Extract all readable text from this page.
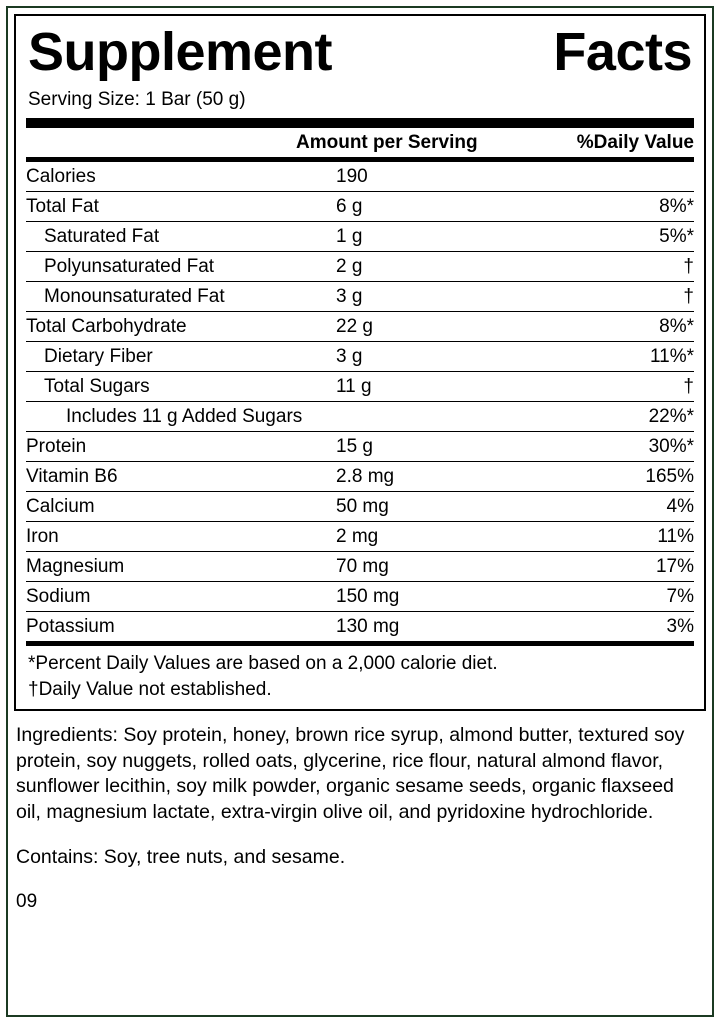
Supplement	Facts
Serving Size: 1 Bar (50 g)
	Amount per Serving	%Daily Value
Calories	190	
Total Fat	6 g	8%*
Saturated Fat	1 g	5%*
Polyunsaturated Fat	2 g	†
Monounsaturated Fat	3 g	†
Total Carbohydrate	22 g	8%*
Dietary Fiber	3 g	11%*
Total Sugars	11 g	†
Includes 11 g Added Sugars		22%*
Protein	15 g	30%*
Vitamin B6	2.8 mg	165%
Calcium	50 mg	4%
Iron	2 mg	11%
Magnesium	70 mg	17%
Sodium	150 mg	7%
Potassium	130 mg	3%
*Percent Daily Values are based on a 2,000 calorie diet.
†Daily Value not established.
Ingredients: Soy protein, honey, brown rice syrup, almond butter, textured soy protein, soy nuggets, rolled oats, glycerine, rice flour, natural almond flavor, sunflower lecithin, soy milk powder, organic sesame seeds, organic flaxseed oil, magnesium lactate, extra-virgin olive oil, and pyridoxine hydrochloride.
Contains: Soy, tree nuts, and sesame.
09
